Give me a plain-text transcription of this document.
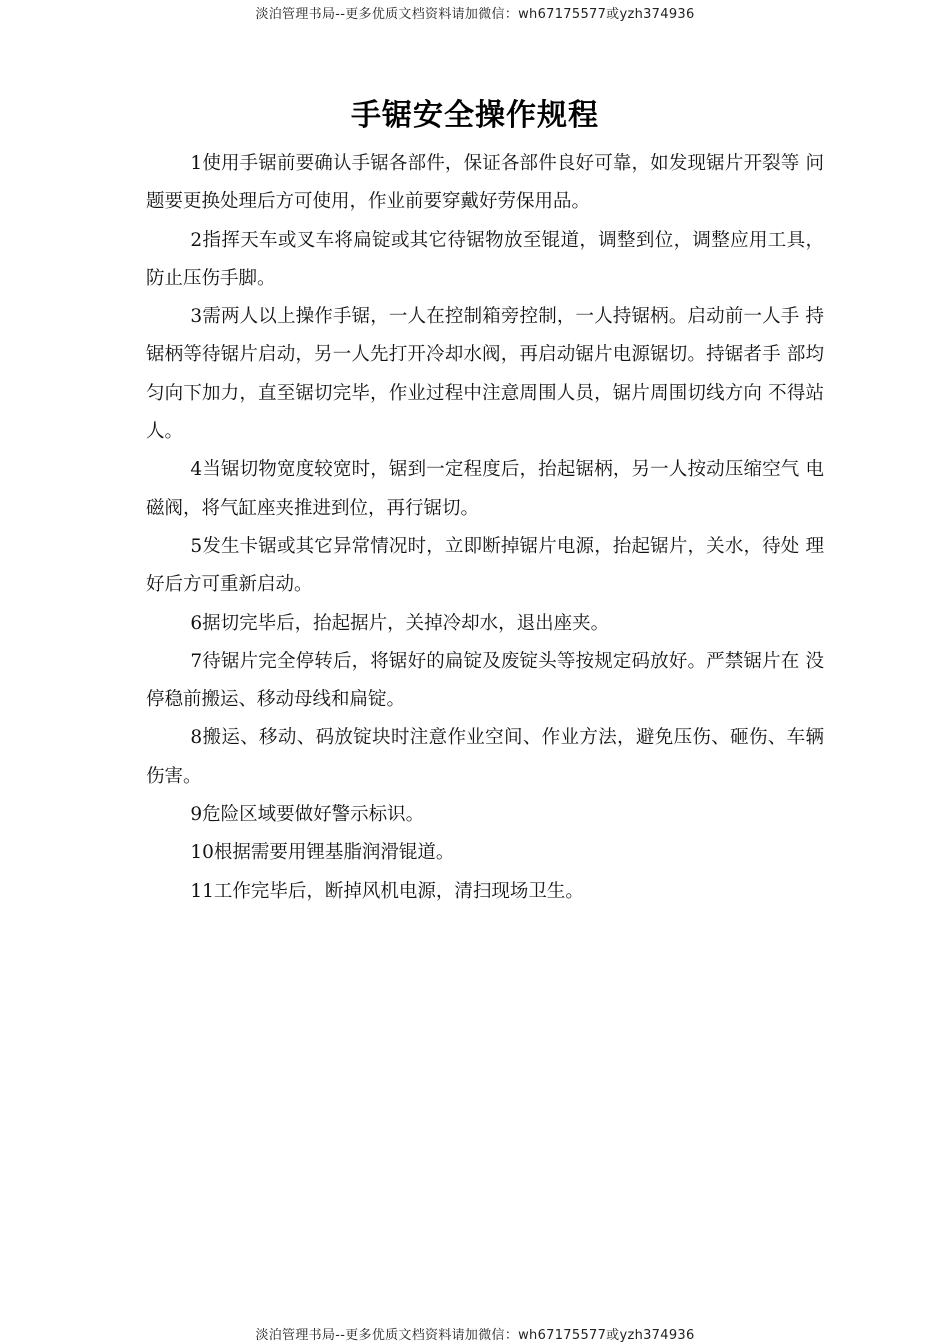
淡泊管理书局--更多优质文档资料请加微信：wh67175577或yzh374936
手锯安全操作规程

1使用手锯前要确认手锯各部件，保证各部件良好可靠，如发现锯片开裂等 问题要更换处理后方可使用，作业前要穿戴好劳保用品。

2指挥天车或叉车将扁锭或其它待锯物放至锟道，调整到位，调整应用工具， 防止压伤手脚。

3需两人以上操作手锯，一人在控制箱旁控制，一人持锯柄。启动前一人手 持锯柄等待锯片启动，另一人先打开冷却水阀，再启动锯片电源锯切。持锯者手 部均匀向下加力，直至锯切完毕，作业过程中注意周围人员，锯片周围切线方向 不得站人。

4当锯切物宽度较宽时，锯到一定程度后，抬起锯柄，另一人按动压缩空气 电磁阀，将气缸座夹推进到位，再行锯切。

5发生卡锯或其它异常情况时，立即断掉锯片电源，抬起锯片，关水，待处 理好后方可重新启动。

6据切完毕后，抬起据片，关掉冷却水，退出座夹。

7待锯片完全停转后，将锯好的扁锭及废锭头等按规定码放好。严禁锯片在 没停稳前搬运、移动母线和扁锭。

8搬运、移动、码放锭块时注意作业空间、作业方法，避免压伤、砸伤、车辆伤害。

9危险区域要做好警示标识。

10根据需要用锂基脂润滑锟道。

11工作完毕后，断掉风机电源，清扫现场卫生。

淡泊管理书局--更多优质文档资料请加微信：wh67175577或yzh374936
